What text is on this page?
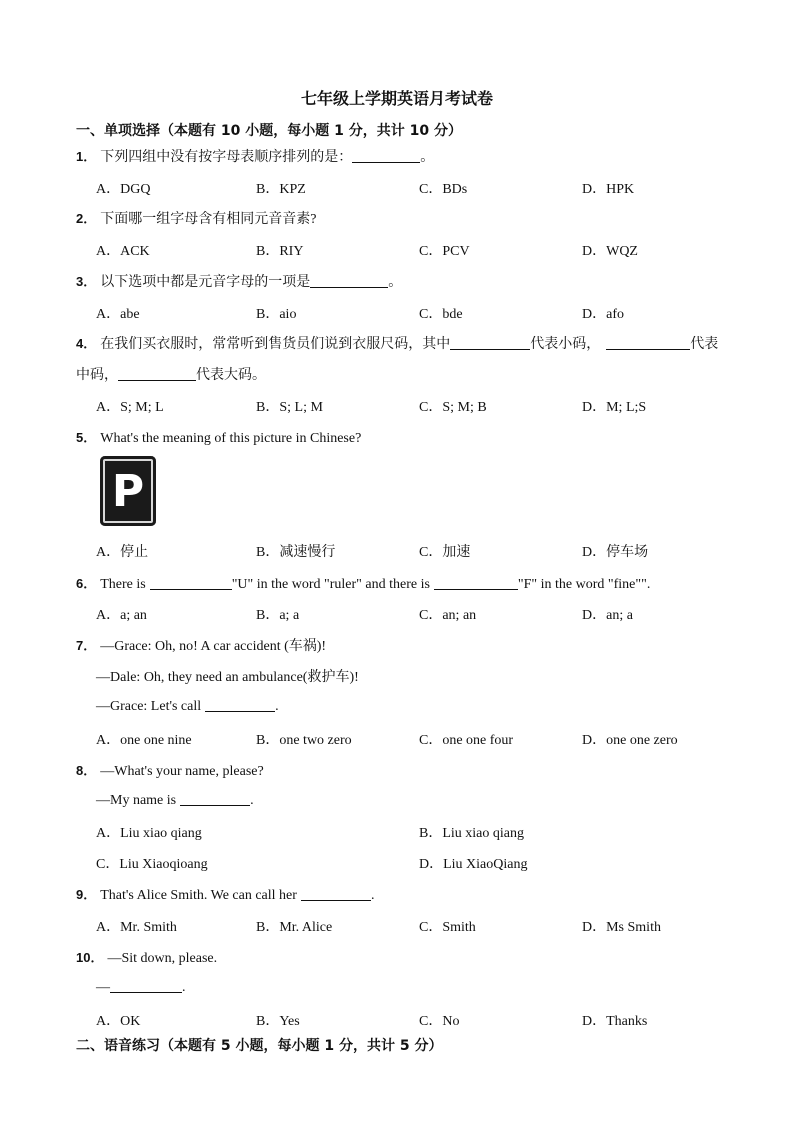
七年级上学期英语月考试卷
一、单项选择（本题有 10 小题，每小题 1 分，共计 10 分）
1． 下列四组中没有按字母表顺序排列的是：	。
A．DGQ	B．KPZ	C．BDs	D．HPK
2． 下面哪一组字母含有相同元音音素?
A．ACK	B．RIY	C．PCV	D．WQZ
3． 以下选项中都是元音字母的一项是	。
A．abe	B．aio	C．bde	D．afo
4． 在我们买衣服时，常常听到售货员们说到衣服尺码，其中	代表小码，	代表
中码，	代表大码。
A．S; M; L	B．S; L; M	C．S; M; B	D．M; L;S
5． What's the meaning of this picture in Chinese?
P
A．停止	B．减速慢行	C．加速	D．停车场
6． There is	"U" in the word "ruler" and there is	"F" in the word "fine"".
A．a; an	B．a; a	C．an; an	D．an; a
7． —Grace: Oh, no! A car accident (车祸)!
—Dale: Oh, they need an ambulance(救护车)!
—Grace: Let's call	.
A．one one nine	B．one two zero	C．one one four	D．one one zero
8． —What's your name, please?
—My name is	.
A．Liu xiao qiang	B．Liu xiao qiang
C．Liu Xiaoqioang	D．Liu XiaoQiang
9． That's Alice Smith. We can call her	.
A．Mr. Smith	B．Mr. Alice	C．Smith	D．Ms Smith
10． —Sit down, please.
—	.
A．OK	B．Yes	C．No	D．Thanks
二、语音练习（本题有 5 小题，每小题 1 分，共计 5 分）
